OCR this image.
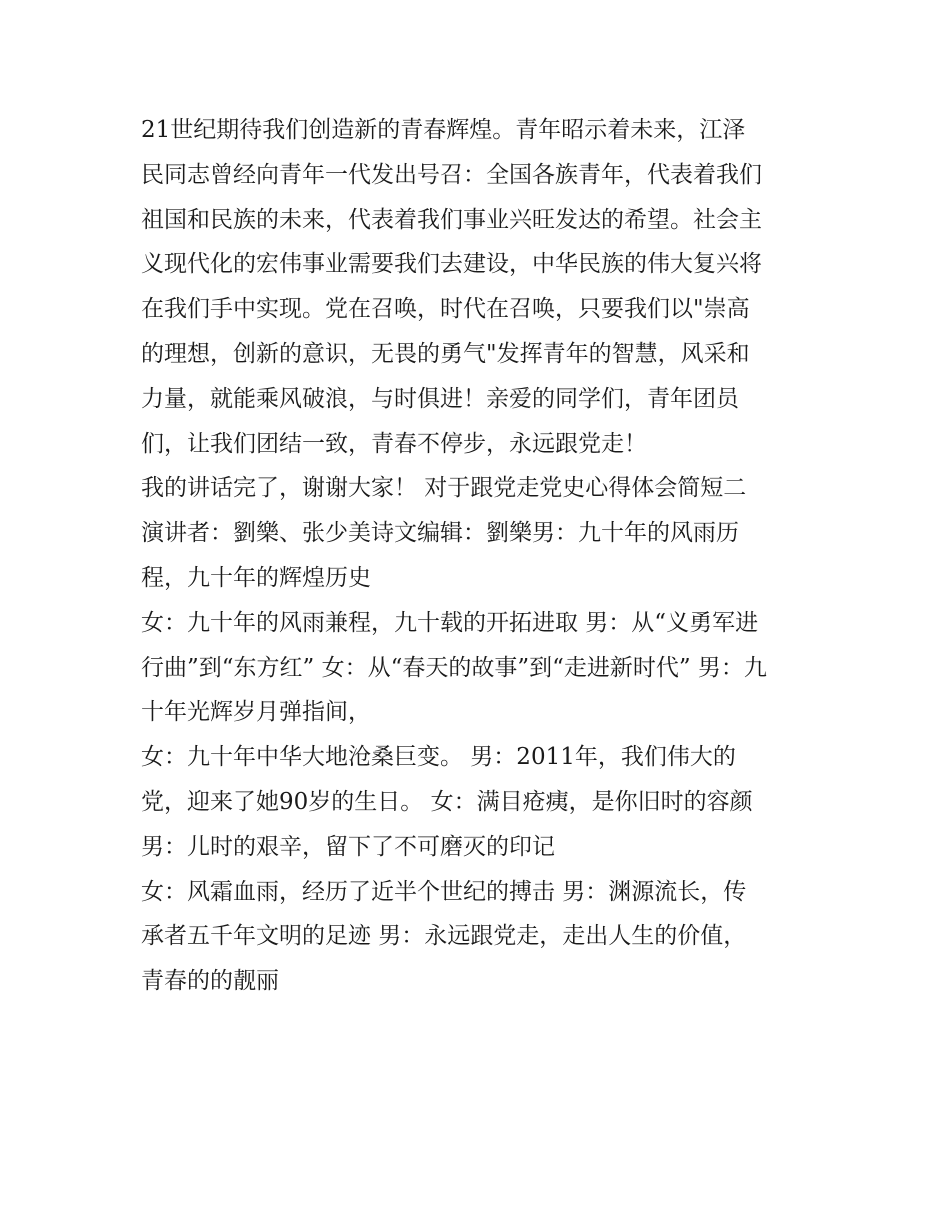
21世纪期待我们创造新的青春辉煌。青年昭示着未来，江泽
民同志曾经向青年一代发出号召：全国各族青年，代表着我们
祖国和民族的未来，代表着我们事业兴旺发达的希望。社会主
义现代化的宏伟事业需要我们去建设，中华民族的伟大复兴将
在我们手中实现。党在召唤，时代在召唤，只要我们以"崇高
的理想，创新的意识，无畏的勇气"发挥青年的智慧，风采和
力量，就能乘风破浪，与时俱进！亲爱的同学们，青年团员
们，让我们团结一致，青春不停步，永远跟党走！
我的讲话完了，谢谢大家！ 对于跟党走党史心得体会简短二
演讲者：劉樂、张少美诗文编辑：劉樂男：九十年的风雨历
程，九十年的辉煌历史
女：九十年的风雨兼程，九十载的开拓进取 男：从“义勇军进
行曲”到“东方红” 女：从“春天的故事”到“走进新时代” 男：九
十年光辉岁月弹指间，
女：九十年中华大地沧桑巨变。 男：2011年，我们伟大的
党，迎来了她90岁的生日。 女：满目疮痍，是你旧时的容颜
男：儿时的艰辛，留下了不可磨灭的印记
女：风霜血雨，经历了近半个世纪的搏击 男：渊源流长，传
承者五千年文明的足迹 男：永远跟党走，走出人生的价值，
青春的的靓丽
